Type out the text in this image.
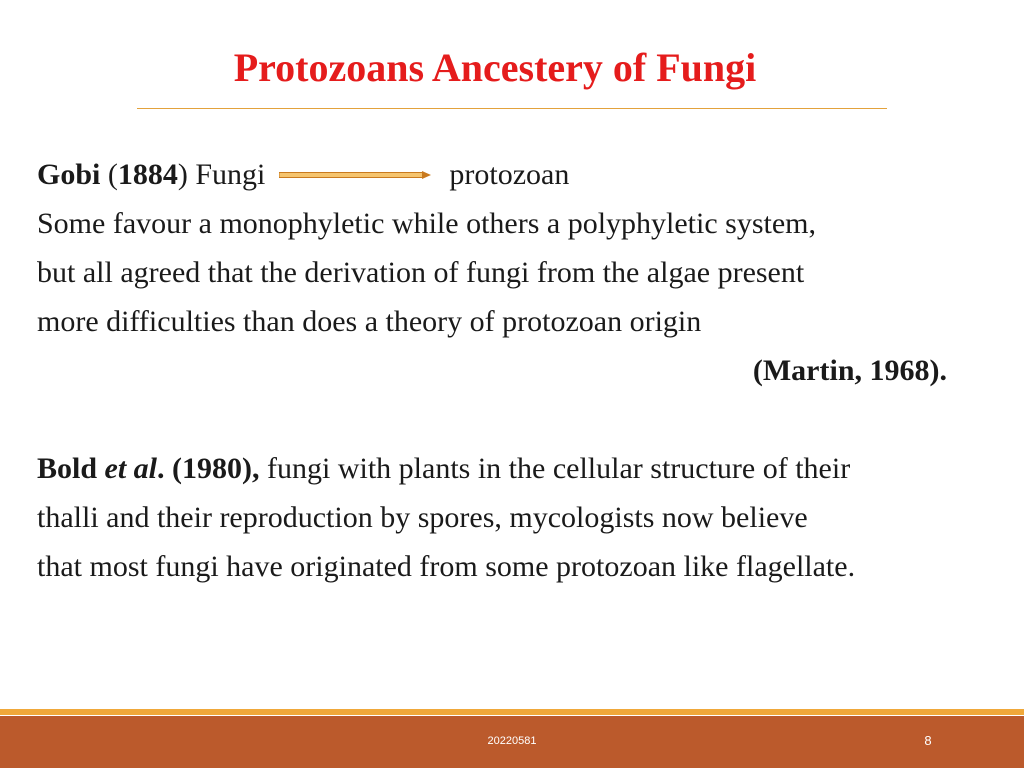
Protozoans Ancestery of Fungi
Gobi (1884) Fungi	protozoan
Some favour a monophyletic while others a polyphyletic system,
but all agreed that the derivation of fungi from the algae present
more difficulties than does a theory of protozoan origin
(Martin, 1968).
Bold et al. (1980), fungi with plants in the cellular structure of their
thalli and their reproduction by spores, mycologists now believe
that most fungi have originated from some protozoan like flagellate.
20220581	8
